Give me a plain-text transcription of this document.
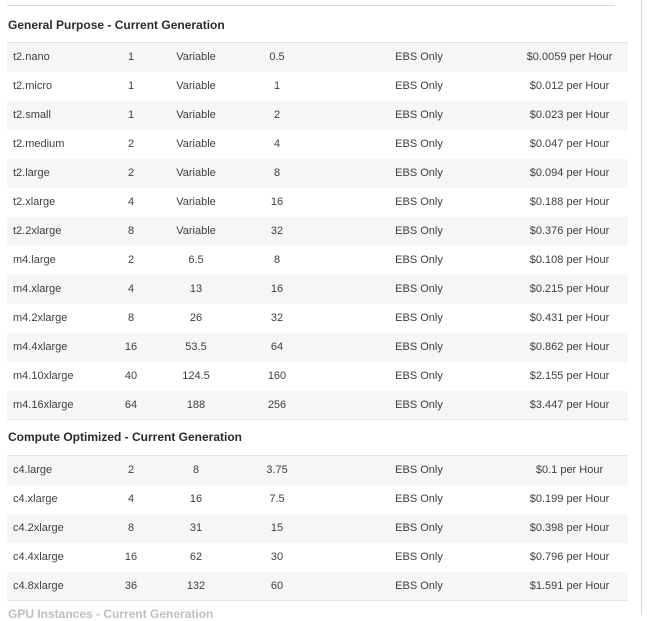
General Purpose - Current Generation
t2.nano	1	Variable	0.5	EBS Only	$0.0059 per Hour
t2.micro	1	Variable	1	EBS Only	$0.012 per Hour
t2.small	1	Variable	2	EBS Only	$0.023 per Hour
t2.medium	2	Variable	4	EBS Only	$0.047 per Hour
t2.large	2	Variable	8	EBS Only	$0.094 per Hour
t2.xlarge	4	Variable	16	EBS Only	$0.188 per Hour
t2.2xlarge	8	Variable	32	EBS Only	$0.376 per Hour
m4.large	2	6.5	8	EBS Only	$0.108 per Hour
m4.xlarge	4	13	16	EBS Only	$0.215 per Hour
m4.2xlarge	8	26	32	EBS Only	$0.431 per Hour
m4.4xlarge	16	53.5	64	EBS Only	$0.862 per Hour
m4.10xlarge	40	124.5	160	EBS Only	$2.155 per Hour
m4.16xlarge	64	188	256	EBS Only	$3.447 per Hour
Compute Optimized - Current Generation
c4.large	2	8	3.75	EBS Only	$0.1 per Hour
c4.xlarge	4	16	7.5	EBS Only	$0.199 per Hour
c4.2xlarge	8	31	15	EBS Only	$0.398 per Hour
c4.4xlarge	16	62	30	EBS Only	$0.796 per Hour
c4.8xlarge	36	132	60	EBS Only	$1.591 per Hour
GPU Instances - Current Generation
